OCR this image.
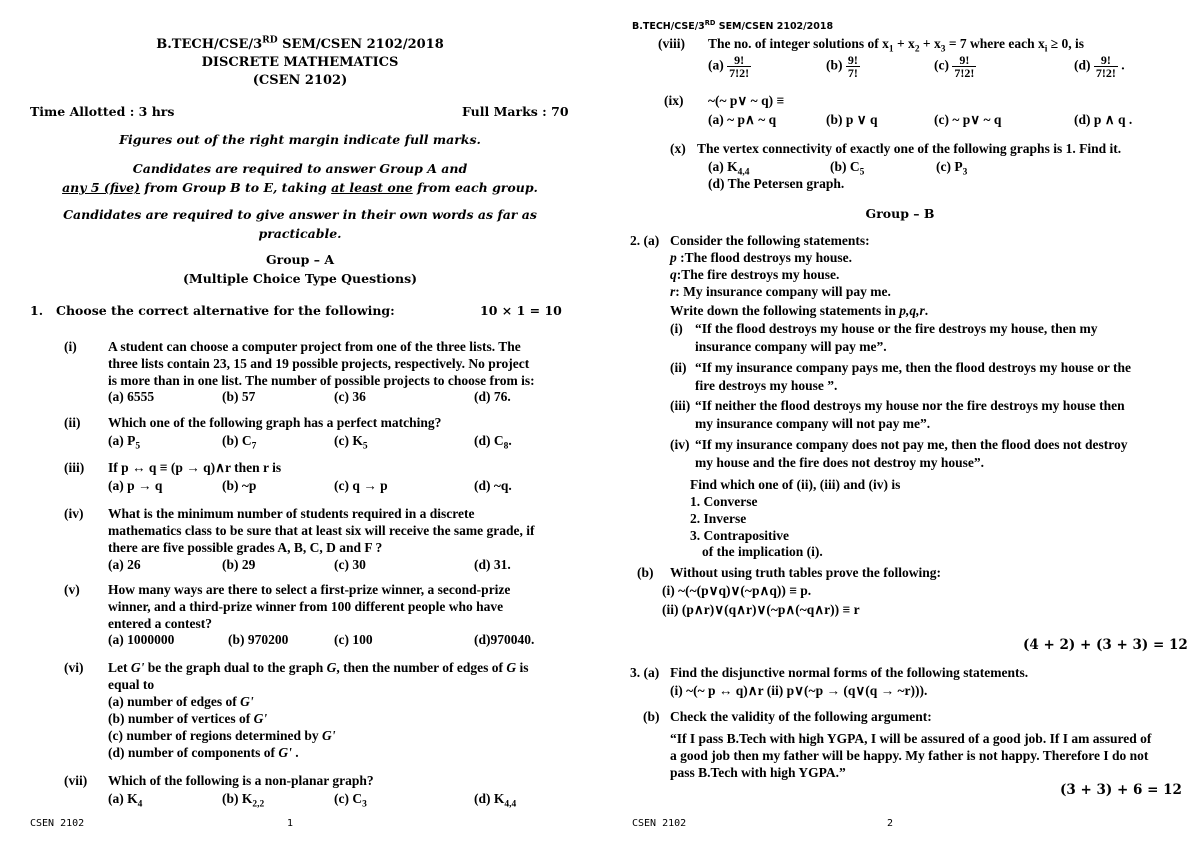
B.TECH/CSE/3RD SEM/CSEN 2102/2018
DISCRETE MATHEMATICS
(CSEN 2102)
Time Allotted : 3 hrs	Full Marks : 70
Figures out of the right margin indicate full marks.
Candidates are required to answer Group A and
any 5 (five) from Group B to E, taking at least one from each group.
Candidates are required to give answer in their own words as far as
practicable.
Group – A
(Multiple Choice Type Questions)
1. Choose the correct alternative for the following:	10 × 1 = 10
(i) A student can choose a computer project from one of the three lists. The
three lists contain 23, 15 and 19 possible projects, respectively. No project
is more than in one list. The number of possible projects to choose from is:
(a) 6555	(b) 57	(c) 36	(d) 76.
(ii) Which one of the following graph has a perfect matching?
(a) $P_5$	(b) $C_7$	(c) $K_5$	(d) $C_8$.
(iii) If p ↔ q ≡ (p → q)∧r then r is
(a) p → q	(b) ~p	(c) q → p	(d) ~q.
(iv) What is the minimum number of students required in a discrete
mathematics class to be sure that at least six will receive the same grade, if
there are five possible grades A, B, C, D and F ?
(a) 26	(b) 29	(c) 30	(d) 31.
(v) How many ways are there to select a first-prize winner, a second-prize
winner, and a third-prize winner from 100 different people who have
entered a contest?
(a) 1000000	(b) 970200	(c) 100	(d)970040.
(vi) Let G' be the graph dual to the graph G, then the number of edges of G is
equal to
(a) number of edges of G'
(b) number of vertices of G'
(c) number of regions determined by G'
(d) number of components of G' .
(vii) Which of the following is a non-planar graph?
(a) $K_4$	(b) $K_{2,2}$	(c) $C_3$	(d) $K_{4,4}$
CSEN 2102	1
B.TECH/CSE/3RD SEM/CSEN 2102/2018
(viii) The no. of integer solutions of $x_1 + x_2 + x_3 = 7$ where each $x_i \ge 0$, is
$(a) \frac{9!}{7!2!}$	$(b) \frac{9!}{7!}$	$(c) \frac{9!}{7!2!}$	$(d) \frac{9!}{7!2!}$ .
(ix) ~(~ p∨ ~ q) ≡
(a) ~ p∧ ~ q	(b) p ∨ q	(c) ~ p∨ ~ q	(d) p ∧ q .
(x) The vertex connectivity of exactly one of the following graphs is 1. Find it.
(a) $K_{4,4}$	(b) $C_5$	(c) $P_3$
(d) The Petersen graph.
Group – B
2. (a) Consider the following statements:
p :The flood destroys my house.
q:The fire destroys my house.
r: My insurance company will pay me.
Write down the following statements in p,q,r.
(i) “If the flood destroys my house or the fire destroys my house, then my
insurance company will pay me”.
(ii) “If my insurance company pays me, then the flood destroys my house or the
fire destroys my house ”.
(iii) “If neither the flood destroys my house nor the fire destroys my house then
my insurance company will not pay me”.
(iv) “If my insurance company does not pay me, then the flood does not destroy
my house and the fire does not destroy my house”.
Find which one of (ii), (iii) and (iv) is
1. Converse
2. Inverse
3. Contrapositive
of the implication (i).
(b) Without using truth tables prove the following:
(i) ~(~(p∨q)∨(~p∧q)) ≡ p.
(ii) (p∧r)∨(q∧r)∨(~p∧(~q∧r)) ≡ r
(4 + 2) + (3 + 3) = 12
3. (a) Find the disjunctive normal forms of the following statements.
(i) ~(~ p ↔ q)∧r (ii) p∨(~p → (q∨(q → ~r))).
(b) Check the validity of the following argument:
“If I pass B.Tech with high YGPA, I will be assured of a good job. If I am assured of
a good job then my father will be happy. My father is not happy. Therefore I do not
pass B.Tech with high YGPA.”
(3 + 3) + 6 = 12
CSEN 2102	2
